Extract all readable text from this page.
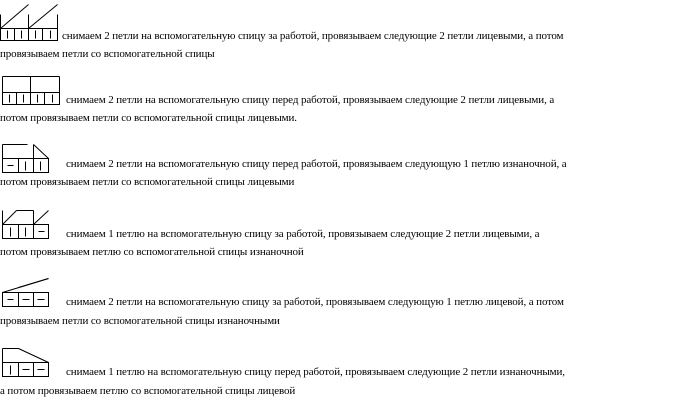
снимаем 2 петли на вспомогательную спицу за работой, провязываем следующие 2 петли лицевыми, а потом

провязываем петли со вспомогательной спицы

снимаем 2 петли на вспомогательную спицу перед работой, провязываем следующие 2 петли лицевыми, а

потом провязываем петли со вспомогательной спицы лицевыми.

снимаем 2 петли на вспомогательную спицу перед работой, провязываем следующую 1 петлю изнаночной, а

потом провязываем петли со вспомогательной спицы лицевыми

снимаем 1 петлю на вспомогательную спицу за работой, провязываем следующие 2 петли лицевыми, а

потом провязываем петлю со вспомогательной спицы изнаночной

снимаем 2 петли на вспомогательную спицу за работой, провязываем следующую 1 петлю лицевой, а потом

провязываем петли со вспомогательной спицы изнаночными

снимаем 1 петлю на вспомогательную спицу перед работой, провязываем следующие 2 петли изнаночными,

а потом провязываем петлю со вспомогательной спицы лицевой
